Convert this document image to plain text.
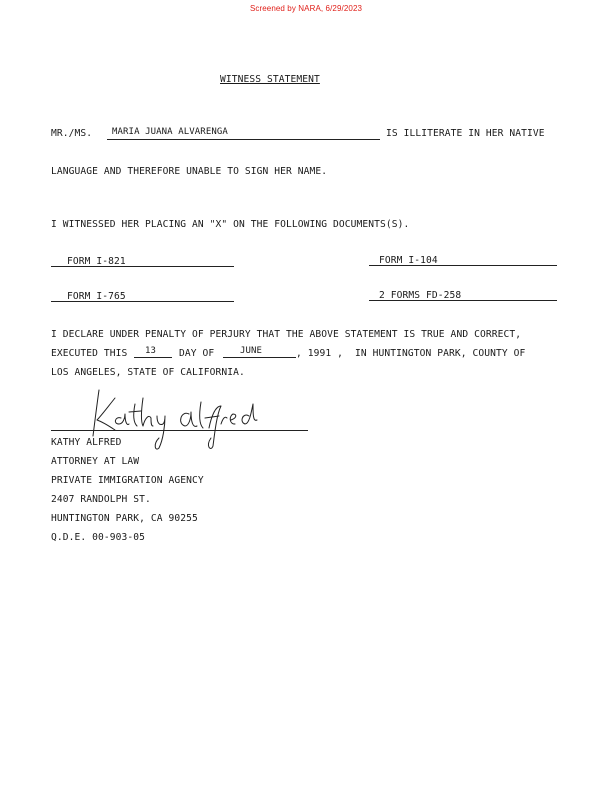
Screened by NARA, 6/29/2023
WITNESS STATEMENT
MR./MS. MARIA JUANA ALVARENGA	IS ILLITERATE IN HER NATIVE
LANGUAGE AND THEREFORE UNABLE TO SIGN HER NAME.
I WITNESSED HER PLACING AN "X" ON THE FOLLOWING DOCUMENTS(S).
FORM I-821	FORM I-104
FORM I-765	2 FORMS FD-258
I DECLARE UNDER PENALTY OF PERJURY THAT THE ABOVE STATEMENT IS TRUE AND CORRECT,
EXECUTED THIS 13 DAY OF	JUNE	, 1991 , IN HUNTINGTON PARK, COUNTY OF
LOS ANGELES, STATE OF CALIFORNIA.
KATHY ALFRED
ATTORNEY AT LAW
PRIVATE IMMIGRATION AGENCY
2407 RANDOLPH ST.
HUNTINGTON PARK, CA 90255
Q.D.E. 00-903-05
